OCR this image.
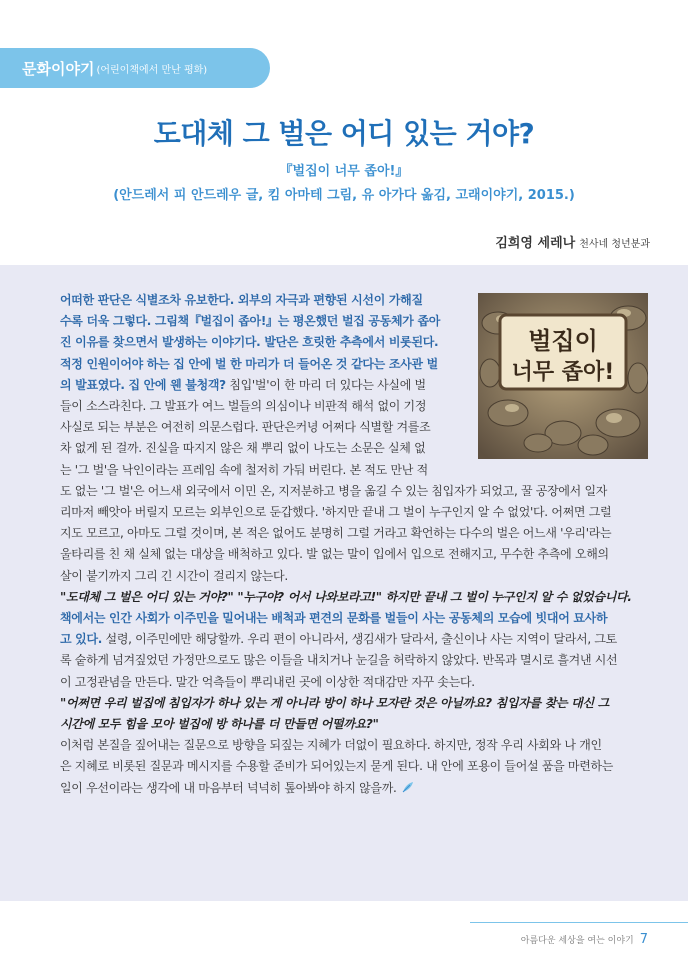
문화이야기 (어린이책에서 만난 평화)
도대체 그 벌은 어디 있는 거야?
『벌집이 너무 좁아!』
(안드레서 피 안드레우 글, 킴 아마테 그림, 유 아가다 옮김, 고래이야기, 2015.)
김희영 세레나 천사네 청년분과
벌집이
너무 좁아!

어떠한 판단은 식별조차 유보한다. 외부의 자극과 편향된 시선이 가해질
수록 더욱 그렇다. 그림책『벌집이 좁아!』는 평온했던 벌집 공동체가 좁아
진 이유를 찾으면서 발생하는 이야기다. 발단은 흐릿한 추측에서 비롯된다.
적정 인원이어야 하는 집 안에 벌 한 마리가 더 들어온 것 같다는 조사관 벌
의 발표였다. 집 안에 웬 불청객? 침입'벌'이 한 마리 더 있다는 사실에 벌
들이 소스라친다. 그 발표가 여느 벌들의 의심이나 비판적 해석 없이 기정
사실로 되는 부분은 여전히 의문스럽다. 판단은커녕 어쩌다 식별할 겨를조
차 없게 된 걸까. 진실을 따지지 않은 채 뿌리 없이 나도는 소문은 실체 없
는 '그 벌'을 낙인이라는 프레임 속에 철저히 가둬 버린다. 본 적도 만난 적
도 없는 '그 벌'은 어느새 외국에서 이민 온, 지저분하고 병을 옮길 수 있는 침입자가 되었고, 꿀 공장에서 일자
리마저 빼앗아 버릴지 모르는 외부인으로 둔갑했다. '하지만 끝내 그 벌이 누구인지 알 수 없었'다. 어쩌면 그럴
지도 모르고, 아마도 그럴 것이며, 본 적은 없어도 분명히 그럴 거라고 확언하는 다수의 벌은 어느새 '우리'라는
울타리를 친 채 실체 없는 대상을 배척하고 있다. 발 없는 말이 입에서 입으로 전해지고, 무수한 추측에 오해의
살이 붙기까지 그리 긴 시간이 걸리지 않는다.

"도대체 그 벌은 어디 있는 거야?" "누구야? 어서 나와보라고!" 하지만 끝내 그 벌이 누구인지 알 수 없었습니다.

책에서는 인간 사회가 이주민을 밀어내는 배척과 편견의 문화를 벌들이 사는 공동체의 모습에 빗대어 묘사하
고 있다. 설령, 이주민에만 해당할까. 우리 편이 아니라서, 생김새가 달라서, 출신이나 사는 지역이 달라서, 그토
록 숱하게 넘겨짚었던 가정만으로도 많은 이들을 내치거나 눈길을 허락하지 않았다. 반목과 멸시로 흘겨낸 시선
이 고정관념을 만든다. 말간 억측들이 뿌리내린 곳에 이상한 적대감만 자꾸 솟는다.

"어쩌면 우리 벌집에 침입자가 하나 있는 게 아니라 방이 하나 모자란 것은 아닐까요? 침입자를 찾는 대신 그
시간에 모두 힘을 모아 벌집에 방 하나를 더 만들면 어떨까요?"

이처럼 본질을 짚어내는 질문으로 방향을 되짚는 지혜가 더없이 필요하다. 하지만, 정작 우리 사회와 나 개인
은 지혜로 비롯된 질문과 메시지를 수용할 준비가 되어있는지 묻게 된다. 내 안에 포용이 들어설 품을 마련하는
일이 우선이라는 생각에 내 마음부터 넉넉히 톺아봐야 하지 않을까.

아름다운 세상을 여는 이야기 7
